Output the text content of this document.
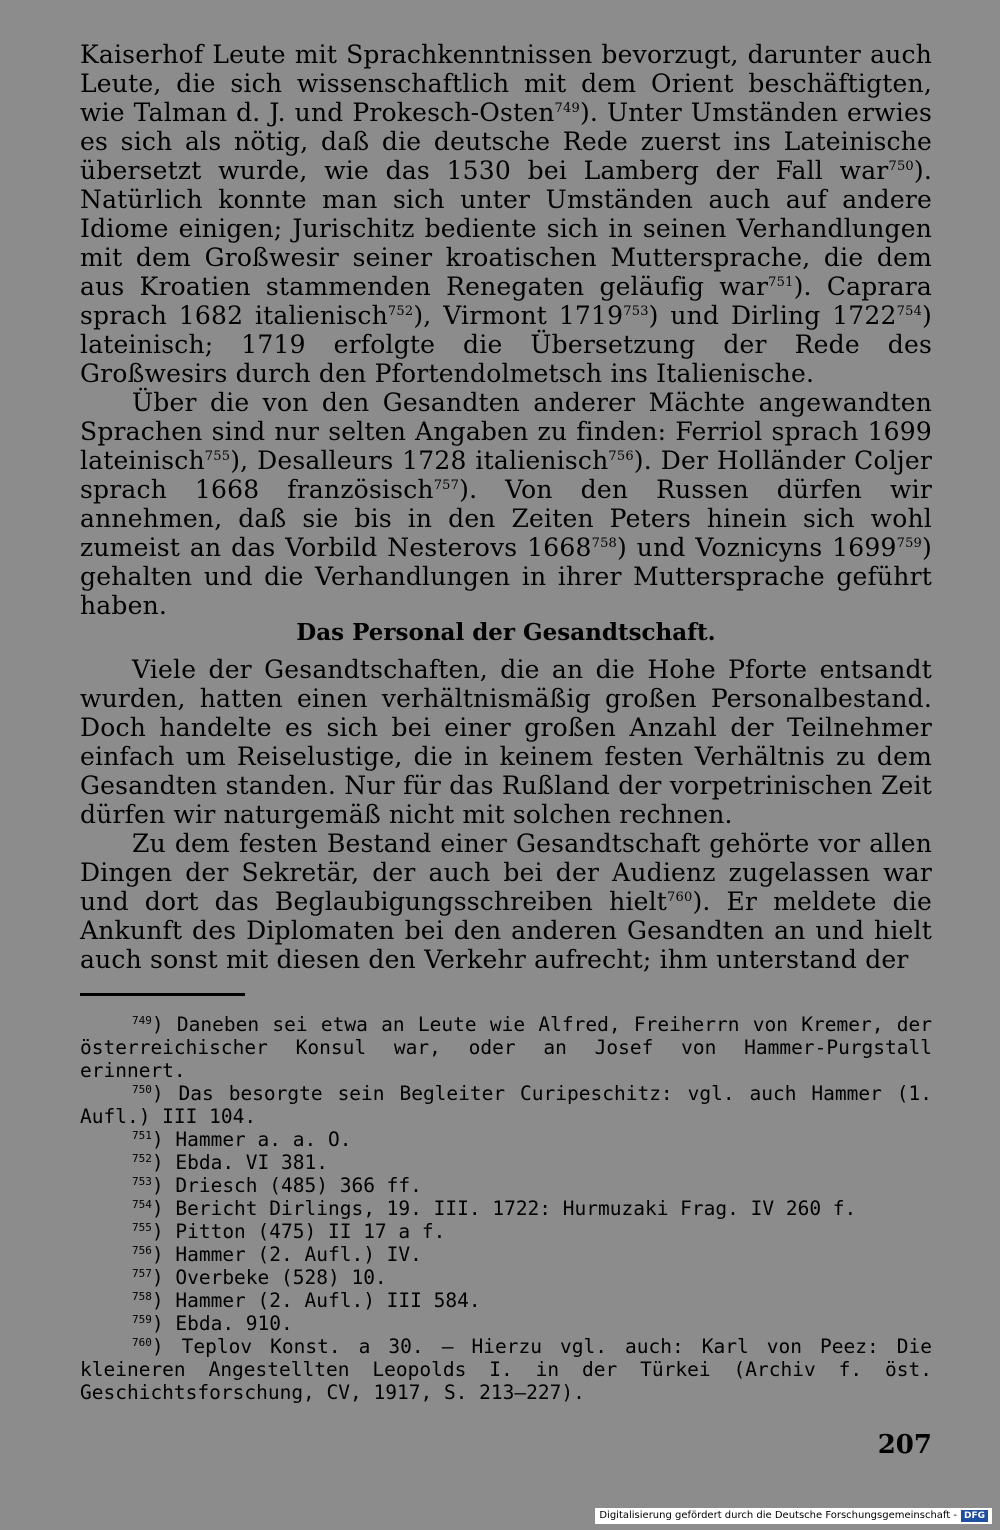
Kaiserhof Leute mit Sprachkenntnissen bevorzugt, darunter auch Leute, die sich wissenschaftlich mit dem Orient beschäftigten, wie Talman d. J. und Prokesch-Osten$^{749}$). Unter Umständen erwies es sich als nötig, daß die deutsche Rede zuerst ins Lateinische übersetzt wurde, wie das 1530 bei Lamberg der Fall war$^{750}$). Natürlich konnte man sich unter Umständen auch auf andere Idiome einigen; Jurischitz bediente sich in seinen Verhandlungen mit dem Großwesir seiner kroatischen Muttersprache, die dem aus Kroatien stammenden Renegaten geläufig war$^{751}$). Caprara sprach 1682 italienisch$^{752}$), Virmont 1719$^{753}$) und Dirling 1722$^{754}$) lateinisch; 1719 erfolgte die Übersetzung der Rede des Großwesirs durch den Pfortendolmetsch ins Italienische.

Über die von den Gesandten anderer Mächte angewandten Sprachen sind nur selten Angaben zu finden: Ferriol sprach 1699 lateinisch$^{755}$), Desalleurs 1728 italienisch$^{756}$). Der Holländer Coljer sprach 1668 französisch$^{757}$). Von den Russen dürfen wir annehmen, daß sie bis in den Zeiten Peters hinein sich wohl zumeist an das Vorbild Nesterovs 1668$^{758}$) und Voznicyns 1699$^{759}$) gehalten und die Verhandlungen in ihrer Muttersprache geführt haben.

Das Personal der Gesandtschaft.

Viele der Gesandtschaften, die an die Hohe Pforte entsandt wurden, hatten einen verhältnismäßig großen Personalbestand. Doch handelte es sich bei einer großen Anzahl der Teilnehmer einfach um Reiselustige, die in keinem festen Verhältnis zu dem Gesandten standen. Nur für das Rußland der vorpetrinischen Zeit dürfen wir naturgemäß nicht mit solchen rechnen.

Zu dem festen Bestand einer Gesandtschaft gehörte vor allen Dingen der Sekretär, der auch bei der Audienz zugelassen war und dort das Beglaubigungsschreiben hielt$^{760}$). Er meldete die Ankunft des Diplomaten bei den anderen Gesandten an und hielt auch sonst mit diesen den Verkehr aufrecht; ihm unterstand der

$^{749}$) Daneben sei etwa an Leute wie Alfred, Freiherrn von Kremer, der österreichischer Konsul war, oder an Josef von Hammer-Purgstall erinnert.

$^{750}$) Das besorgte sein Begleiter Curipeschitz: vgl. auch Hammer (1. Aufl.) III 104.

$^{751}$) Hammer a. a. O.

$^{752}$) Ebda. VI 381.

$^{753}$) Driesch (485) 366 ff.

$^{754}$) Bericht Dirlings, 19. III. 1722: Hurmuzaki Frag. IV 260 f.

$^{755}$) Pitton (475) II 17 a f.

$^{756}$) Hammer (2. Aufl.) IV.

$^{757}$) Overbeke (528) 10.

$^{758}$) Hammer (2. Aufl.) III 584.

$^{759}$) Ebda. 910.

$^{760}$) Teplov Konst. a 30. — Hierzu vgl. auch: Karl von Peez: Die kleineren Angestellten Leopolds I. in der Türkei (Archiv f. öst. Geschichtsforschung, CV, 1917, S. 213—227).

207
Digitalisierung gefördert durch die Deutsche Forschungsgemeinschaft - DFG
